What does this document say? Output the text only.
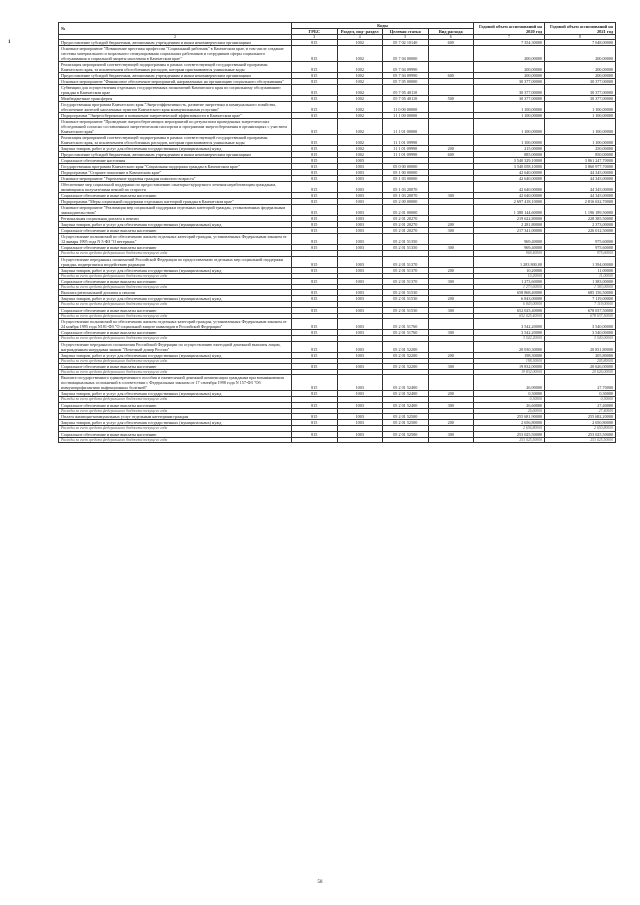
№	Коды				Годовой объем ассигнований на 2020 год	Годовой объем ассигнований на 2021 год
	ГРБС	Раздел, под- раздел	Целевая статья	Вид расхода		
2	3	4	5	6	7	8
Предоставление субсидий бюджетным, автономным учреждениям и иным некоммерческим организациям	815	1002	05 7 02 10140	600	7 354,30000	7 648,00000
Основное мероприятие "Повышение престижа профессии "Социальный работник" в Камчатском крае, в том числе создание системы материального и морального стимулирования социальных работников и сотрудников сферы социального обслуживания и социальной защиты населения в Камчатском крае"	815	1002	05 7 04 00000		200,00000	200,00000
Реализация мероприятий соответствующей подпрограммы в рамках соответствующей государственной программы Камчатского края, за исключением обособленных расходов, которым присваиваются уникальные коды	815	1002	05 7 04 09990		200,00000	200,00000
Предоставление субсидий бюджетным, автономным учреждениям и иным некоммерческим организациям	815	1002	05 7 04 09990	600	200,00000	200,00000
Основное мероприятие "Финансовое обеспечение мероприятий, направленных на организацию социального обслуживания"	815	1002	05 7 05 00000		30 377,00000	30 377,00000
Субвенции для осуществления отдельных государственных полномочий Камчатского края по социальному обслуживанию граждан в Камчатском крае	815	1002	05 7 05 40110		30 377,00000	30 377,00000
Межбюджетные трансферты	815	1002	05 7 05 40110	500	30 377,00000	30 377,00000
Государственная программа Камчатского края "Энергоэффективность, развитие энергетики и коммунального хозяйства, обеспечение жителей населенных пунктов Камчатского края коммунальными услугами"	815	1002	11 0 00 00000		1 100,00000	1 100,00000
Подпрограмма "Энергосбережение и повышение энергетической эффективности в Камчатском крае"	815	1002	11 1 00 00000		1 100,00000	1 100,00000
Основное мероприятие "Проведение энергосберегающих мероприятий по результатам проведенных энергетических обследований согласно составленным энергетическим паспортам и программам энергосбережения в организациях с участием Камчатского края"	815	1002	11 1 01 00000		1 100,00000	1 100,00000
Реализация мероприятий соответствующей подпрограммы в рамках соответствующей государственной программы Камчатского края, за исключением обособленных расходов, которым присваиваются уникальные коды	815	1002	11 1 01 09990		1 100,00000	1 100,00000
Закупка товаров, работ и услуг для обеспечения государственных (муниципальных) нужд	815	1002	11 1 01 09990	200	215,00000	250,00000
Предоставление субсидий бюджетным, автономным учреждениям и иным некоммерческим организациям	815	1002	11 1 01 09990	600	885,00000	850,00000
Социальное обеспечение населения	815	1003			3 540 329,10000	3 861 247,70000
Государственная программа Камчатского края "Социальная поддержка граждан в Камчатском крае"	815	1003	05 0 00 00000		3 540 058,10000	3 860 977,70000
Подпрограмма "Старшее поколение в Камчатском крае"	815	1003	05 1 00 00000		42 640,00000	44 345,00000
Основное мероприятие "Укрепление здоровья граждан пожилого возраста"	815	1003	05 1 03 00000		42 640,00000	44 345,00000
Обеспечение мер социальной поддержки по предоставлению санаторно-курортного лечения неработающим гражданам, являющимся получателями пенсий по старости	815	1003	05 1 03 20070		42 640,00000	44 345,00000
Социальное обеспечение и иные выплаты населению	815	1003	05 1 03 20070	300	42 640,00000	44 345,00000
Подпрограмма "Меры социальной поддержки отдельных категорий граждан в Камчатском крае"	815	1003	05 2 00 00000		2 697 418,10000	2 816 632,70000
Основное мероприятие "Реализация мер социальной поддержки отдельных категорий граждан, установленных федеральным законодательством"	815	1003	05 2 01 00000		1 380 144,60000	1 196 189,50000
Региональная социальная доплата к пенсии	815	1003	05 2 01 20270		219 622,80000	228 385,50000
Закупка товаров, работ и услуг для обеспечения государственных (муниципальных) нужд	815	1003	05 2 01 20270	200	2 281,80000	2 373,00000
Социальное обеспечение и иные выплаты населению	815	1003	05 2 01 20270	300	217 341,00000	226 012,50000
Осуществление полномочий по обеспечению жильем отдельных категорий граждан, установленных Федеральным законом от 12 января 1995 года N 5-ФЗ "О ветеранах"	815	1003	05 2 01 51350		969,40000	975,60000
Социальное обеспечение и иные выплаты населению	815	1003	05 2 01 51350	300	969,40000	975,60000
Расходы за счет средств федерального бюджета текущего года					969,40000	975,60000
Осуществление переданных полномочий Российской Федерации по предоставлению отдельных мер социальной поддержки граждан, подвергшихся воздействию радиации	815	1003	05 2 01 51370		1 283 800,00	1 394,00000
Закупка товаров, работ и услуг для обеспечения государственных (муниципальных) нужд	815	1003	05 2 01 51370	200	10,20000	11,00000
Расходы за счет средств федерального бюджета текущего года					10,20000	11,00000
Социальное обеспечение и иные выплаты населению	815	1003	05 2 01 51370	300	1 273,60000	1 383,00000
Расходы за счет средств федерального бюджета текущего года					1 273,60000	1 383,00000
Выплата региональной доплаты к пенсии	815	1003	05 2 01 51530		658 868,40000	685 156,50000
Закупка товаров, работ и услуг для обеспечения государственных (муниципальных) нужд	815	1003	05 2 01 51530	200	6 843,00000	7 119,00000
Расходы за счет средств федерального бюджета текущего года					6 843,00000	7 119,00000
Социальное обеспечение и иные выплаты населению	815	1003	05 2 01 51530	300	652 025,40000	678 037,50000
Расходы за счет средств федерального бюджета текущего года					652 025,40000	678 037,50000
Осуществление полномочий по обеспечению жильем отдельных категорий граждан, установленных Федеральным законом от 24 ноября 1995 года N181-ФЗ "О социальной защите инвалидов в Российской Федерации"	815	1003	05 2 01 51760		3 542,20000	3 540,00000
Социальное обеспечение и иные выплаты населению	815	1003	05 2 01 51760	300	3 542,20000	3 540,00000
Расходы за счет средств федерального бюджета текущего года					3 542,20000	3 540,00000
Осуществление переданного полномочия Российской Федерации по осуществлению ежегодной денежной выплаты лицам, награжденным нагрудным знаком "Почетный донор России"	815	1003	05 2 01 52200		20 030,30000	20 831,80000
Закупка товаров, работ и услуг для обеспечения государственных (муниципальных) нужд	815	1003	05 2 01 52200	200	198,30000	205,80000
Расходы за счет средств федерального бюджета текущего года					198,30000	205,80000
Социальное обеспечение и иные выплаты населению	815	1003	05 2 01 52200	300	19 832,00000	20 626,00000
Расходы за счет средств федерального бюджета текущего года					19 832,00000	20 626,00000
Выплата государственного единовременного пособия и ежемесячной денежной компенсации гражданам при возникновении поствакцинальных осложнений в соответствии с Федеральным законом от 17 сентября 1998 года N 157-ФЗ "Об иммунопрофилактике инфекционных болезней"	815	1003	05 2 01 52400		26,90000	27,70000
Закупка товаров, работ и услуг для обеспечения государственных (муниципальных) нужд	815	1003	05 2 01 52400	200	0,30000	0,30000
Расходы за счет средств федерального бюджета текущего года					0,30000	0,30000
Социальное обеспечение и иные выплаты населению	815	1003	05 2 01 52400	300	26,60000	27,40000
Расходы за счет средств федерального бюджета текущего года					26,60000	27,40000
Оплата жилищно-коммунальных услуг отдельным категориям граждан	815	1003	05 2 01 52500		255 681,90000	255 682,20000
Закупка товаров, работ и услуг для обеспечения государственных (муниципальных) нужд	815	1003	05 2 01 52500	200	2 656,80000	2 650,80000
Расходы за счет средств федерального бюджета текущего года					2 656,80000	2 650,80000
Социальное обеспечение и иные выплаты населению	815	1003	05 2 01 52500	300	253 025,50000	253 025,50000
Расходы за счет средств федерального бюджета текущего года					253 025,50000	253 025,50000
1
58
